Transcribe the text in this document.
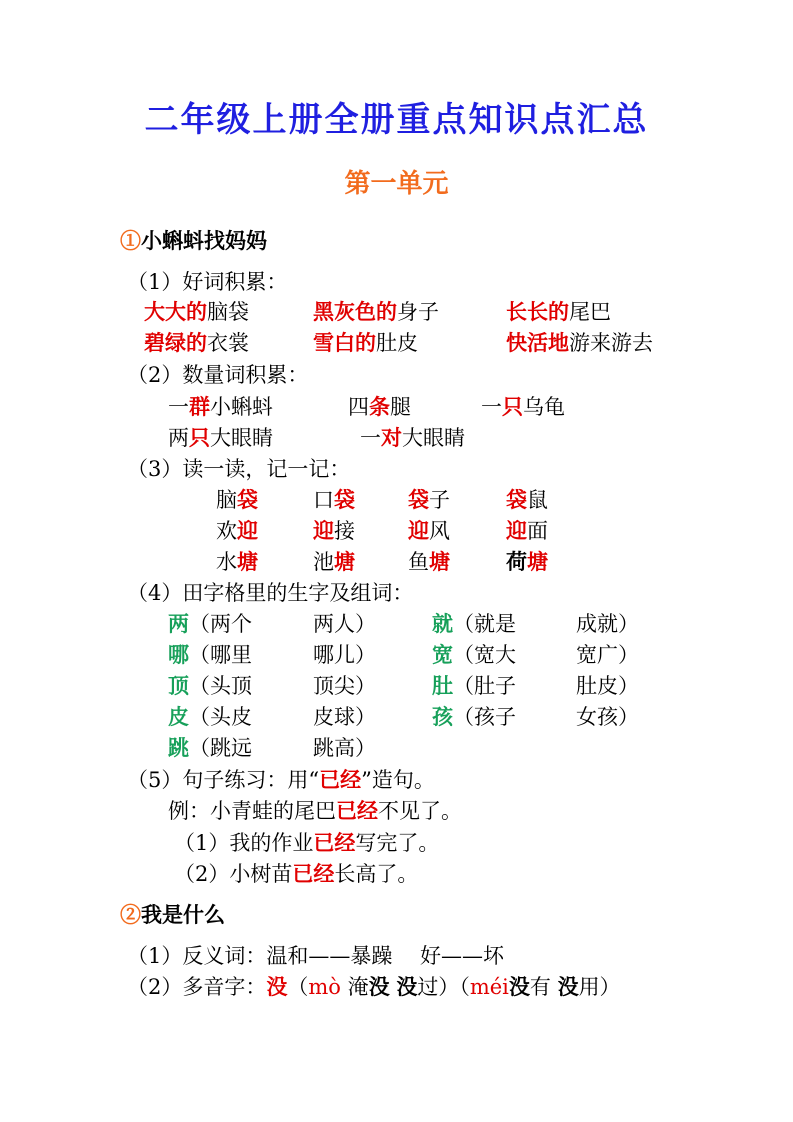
二年级上册全册重点知识点汇总
第一单元
①小蝌蚪找妈妈
（1）好词积累：
大大的脑袋	黑灰色的身子	长长的尾巴
碧绿的衣裳	雪白的肚皮	快活地游来游去
（2）数量词积累：
一群小蝌蚪	四条腿	一只乌龟
两只大眼睛	一对大眼睛
（3）读一读，记一记：
脑袋	口袋	袋子	袋鼠
欢迎	迎接	迎风	迎面
水塘	池塘	鱼塘	荷塘
（4）田字格里的生字及组词：
两（两个	两人）	就（就是	成就）
哪（哪里	哪儿）	宽（宽大	宽广）
顶（头顶	顶尖）	肚（肚子	肚皮）
皮（头皮	皮球）	孩（孩子	女孩）
跳（跳远	跳高）
（5）句子练习：用“已经”造句。
例：小青蛙的尾巴已经不见了。
（1）我的作业已经写完了。
（2）小树苗已经长高了。
②我是什么
（1）反义词：温和——暴躁　 好——坏
（2）多音字：没（mò 淹没 没过）（méi没有 没用）
